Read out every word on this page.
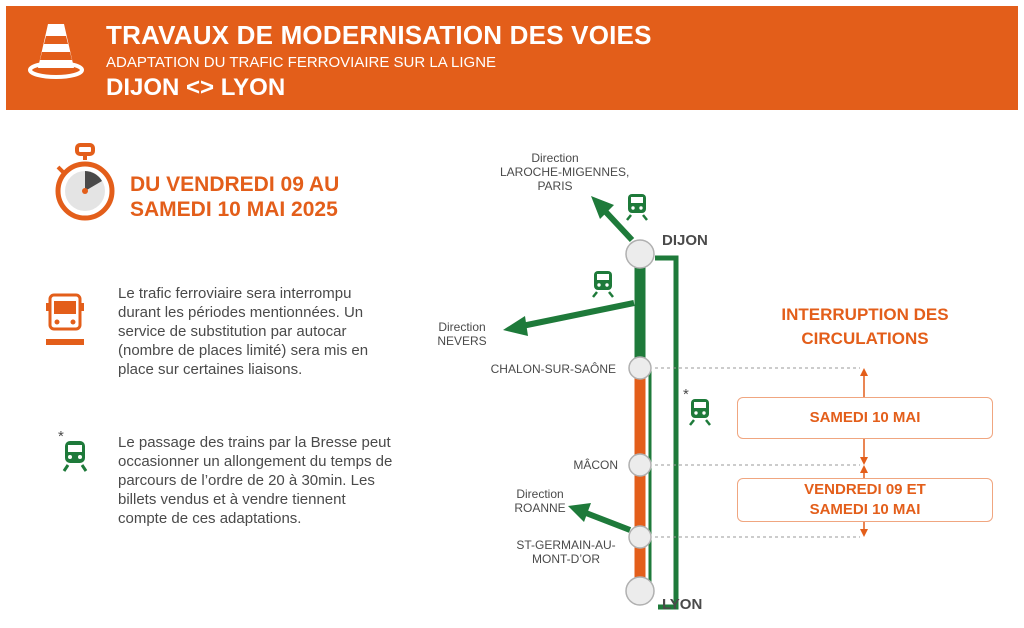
TRAVAUX DE MODERNISATION DES VOIES
ADAPTATION DU TRAFIC FERROVIAIRE SUR LA LIGNE
DIJON <> LYON
DU VENDREDI 09 AU
SAMEDI 10 MAI 2025
Le trafic ferroviaire sera interrompu durant les périodes mentionnées. Un service de substitution par autocar (nombre de places limité) sera mis en place sur certaines liaisons.
*	Le passage des trains par la Bresse peut occasionner un allongement du temps de parcours de l’ordre de 20 à 30min. Les billets vendus et à vendre tiennent compte de ces adaptations.
Direction
LAROCHE-MIGENNES,
PARIS
Direction
NEVERS
Direction
ROANNE
DIJON
CHALON-SUR-SAÔNE
MÂCON
ST-GERMAIN-AU-
MONT-D’OR
LYON
*
INTERRUPTION DES
CIRCULATIONS
SAMEDI 10 MAI
VENDREDI 09 ET
SAMEDI 10 MAI
